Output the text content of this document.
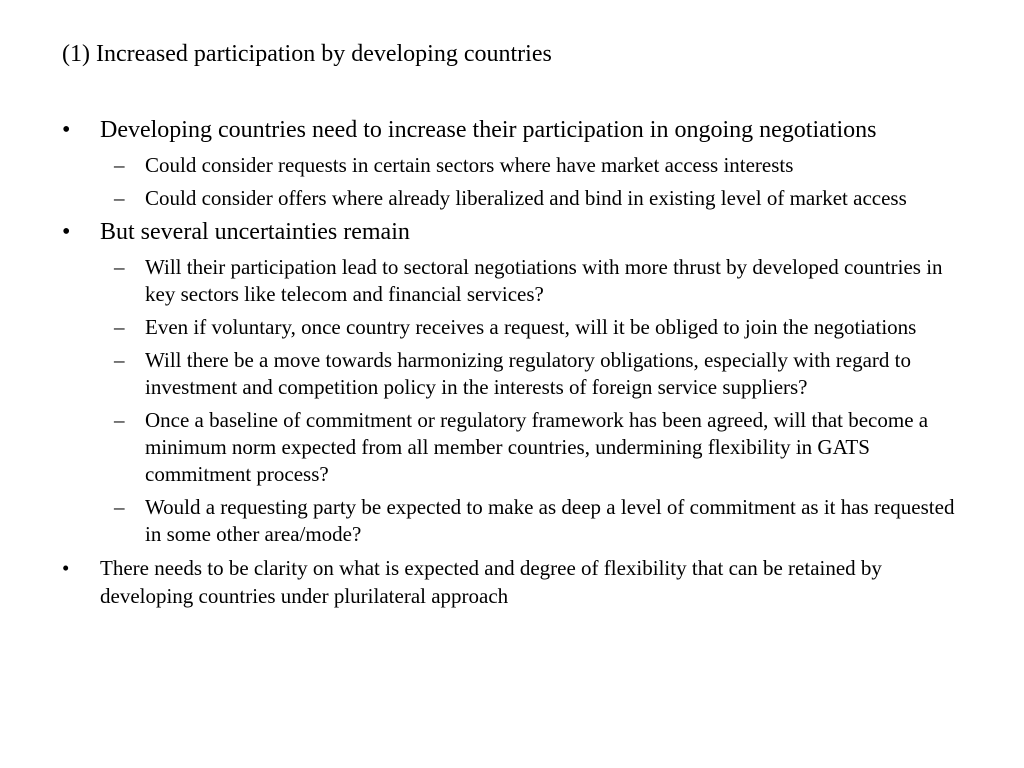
(1) Increased participation by developing countries
•	Developing countries need to increase their participation in ongoing negotiations
– Could consider requests in certain sectors where have market access interests
– Could consider offers where already liberalized and bind in existing level of market access
•	But several uncertainties remain
– Will their participation lead to sectoral negotiations with more thrust by developed countries in key sectors like telecom and financial services?
– Even if voluntary, once country receives a request, will it be obliged to join the negotiations
– Will there be a move towards harmonizing regulatory obligations, especially with regard to investment and competition policy in the interests of foreign service suppliers?
– Once a baseline of commitment or regulatory framework has been agreed, will that become a minimum norm expected from all member countries, undermining flexibility in GATS commitment process?
– Would a requesting party be expected to make as deep a level of commitment as it has requested in some other area/mode?
•	There needs to be clarity on what is expected and degree of flexibility that can be retained by developing countries under plurilateral approach
